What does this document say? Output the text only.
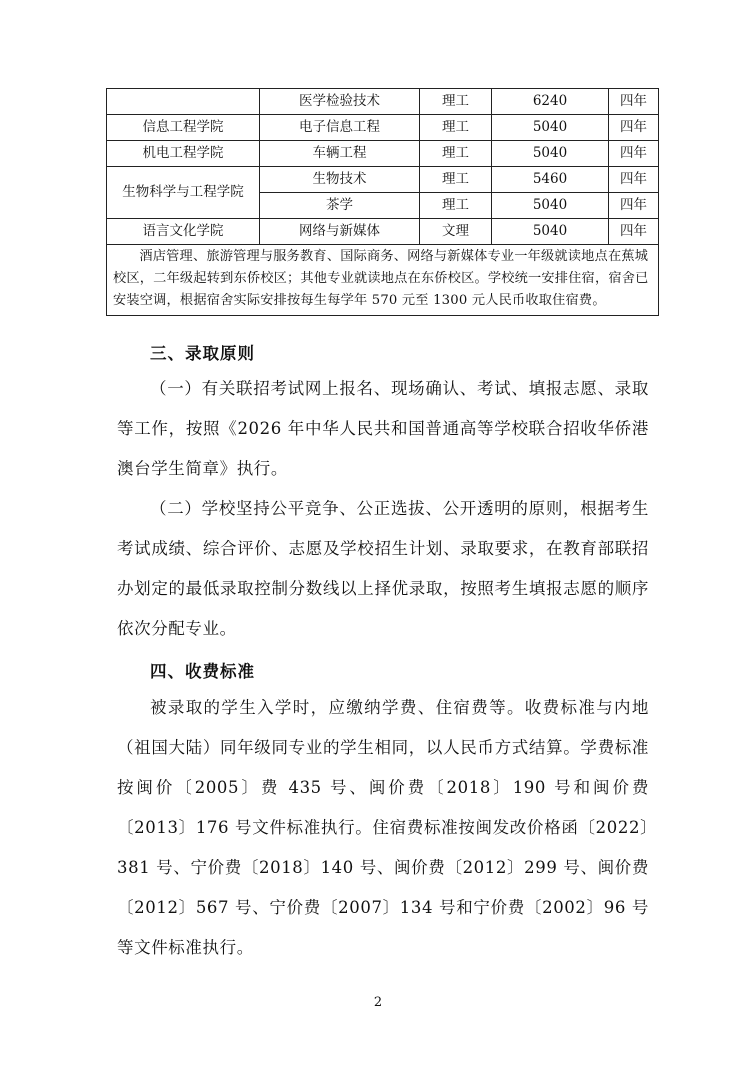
	医学检验技术	理工	6240	四年
信息工程学院	电子信息工程	理工	5040	四年
机电工程学院	车辆工程	理工	5040	四年
生物科学与工程学院	生物技术	理工	5460	四年
	茶学	理工	5040	四年
语言文化学院	网络与新媒体	文理	5040	四年

酒店管理、旅游管理与服务教育、国际商务、网络与新媒体专业一年级就读地点在蕉城校区，二年级起转到东侨校区；其他专业就读地点在东侨校区。学校统一安排住宿，宿舍已安装空调，根据宿舍实际安排按每生每学年 570 元至 1300 元人民币收取住宿费。				

三、录取原则

（一）有关联招考试网上报名、现场确认、考试、填报志愿、录取等工作，按照《2026 年中华人民共和国普通高等学校联合招收华侨港澳台学生简章》执行。

（二）学校坚持公平竞争、公正选拔、公开透明的原则，根据考生考试成绩、综合评价、志愿及学校招生计划、录取要求，在教育部联招办划定的最低录取控制分数线以上择优录取，按照考生填报志愿的顺序依次分配专业。

四、收费标准

被录取的学生入学时，应缴纳学费、住宿费等。收费标准与内地（祖国大陆）同年级同专业的学生相同，以人民币方式结算。学费标准按闽价〔2005〕费 435 号、闽价费〔2018〕190 号和闽价费〔2013〕176 号文件标准执行。住宿费标准按闽发改价格函〔2022〕381 号、宁价费〔2018〕140 号、闽价费〔2012〕299 号、闽价费〔2012〕567 号、宁价费〔2007〕134 号和宁价费〔2002〕96 号等文件标准执行。

2
